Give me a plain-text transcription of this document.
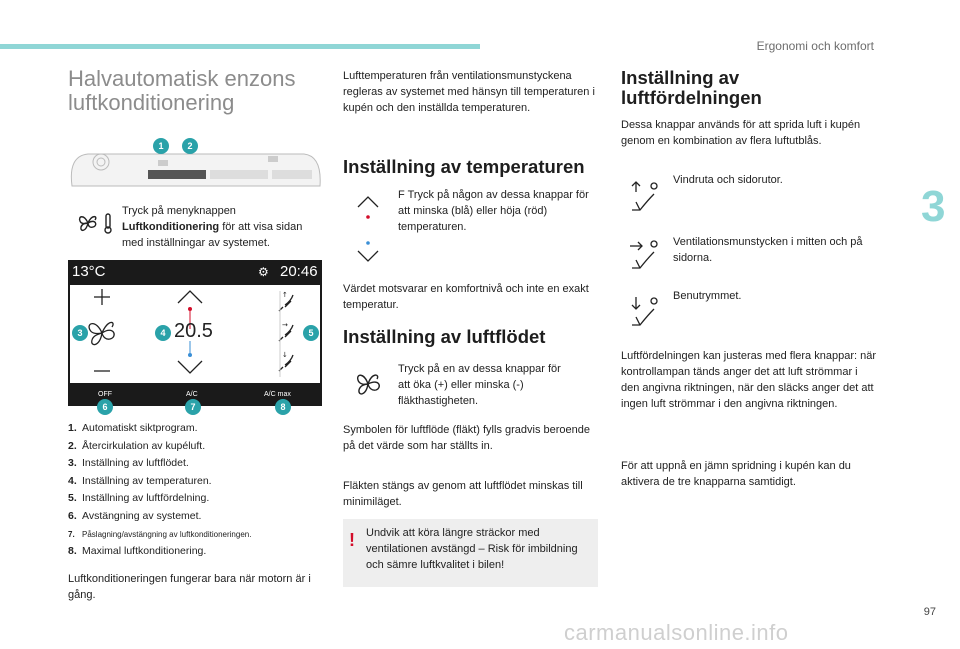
Ergonomi och komfort
3
97
carmanualsonline.info
Halvautomatisk enzons luftkonditionering
1	2
Tryck på menyknappen Luftkonditionering för att visa sidan med inställningar av systemet.
13°C	⚙ 20:46
↑
→
↓
20.5
3	4	5
OFF	A/C	A/C max
6	7	8
1. Automatiskt siktprogram.
2. Återcirkulation av kupéluft.
3. Inställning av luftflödet.
4. Inställning av temperaturen.
5. Inställning av luftfördelning.
6. Avstängning av systemet.
7. Påslagning/avstängning av luftkonditioneringen.
8. Maximal luftkonditionering.
Luftkonditioneringen fungerar bara när motorn är i gång.
Lufttemperaturen från ventilationsmunstyckena regleras av systemet med hänsyn till temperaturen i kupén och den inställda temperaturen.
Inställning av temperaturen
F Tryck på någon av dessa knappar för att minska (blå) eller höja (röd) temperaturen.
Värdet motsvarar en komfortnivå och inte en exakt temperatur.
Inställning av luftflödet
Tryck på en av dessa knappar för att öka (+) eller minska (-) fläkthastigheten.
Symbolen för luftflöde (fläkt) fylls gradvis beroende på det värde som har ställts in.
Fläkten stängs av genom att luftflödet minskas till minimiläget.
! Undvik att köra längre sträckor med ventilationen avstängd – Risk för imbildning och sämre luftkvalitet i bilen!
Inställning av luftfördelningen
Dessa knappar används för att sprida luft i kupén genom en kombination av flera luftutblås.
Vindruta och sidorutor.
Ventilationsmunstycken i mitten och på sidorna.
Benutrymmet.
Luftfördelningen kan justeras med flera knappar: när kontrollampan tänds anger det att luft strömmar i den angivna riktningen, när den släcks anger det att ingen luft strömmar i den angivna riktningen.
För att uppnå en jämn spridning i kupén kan du aktivera de tre knapparna samtidigt.
